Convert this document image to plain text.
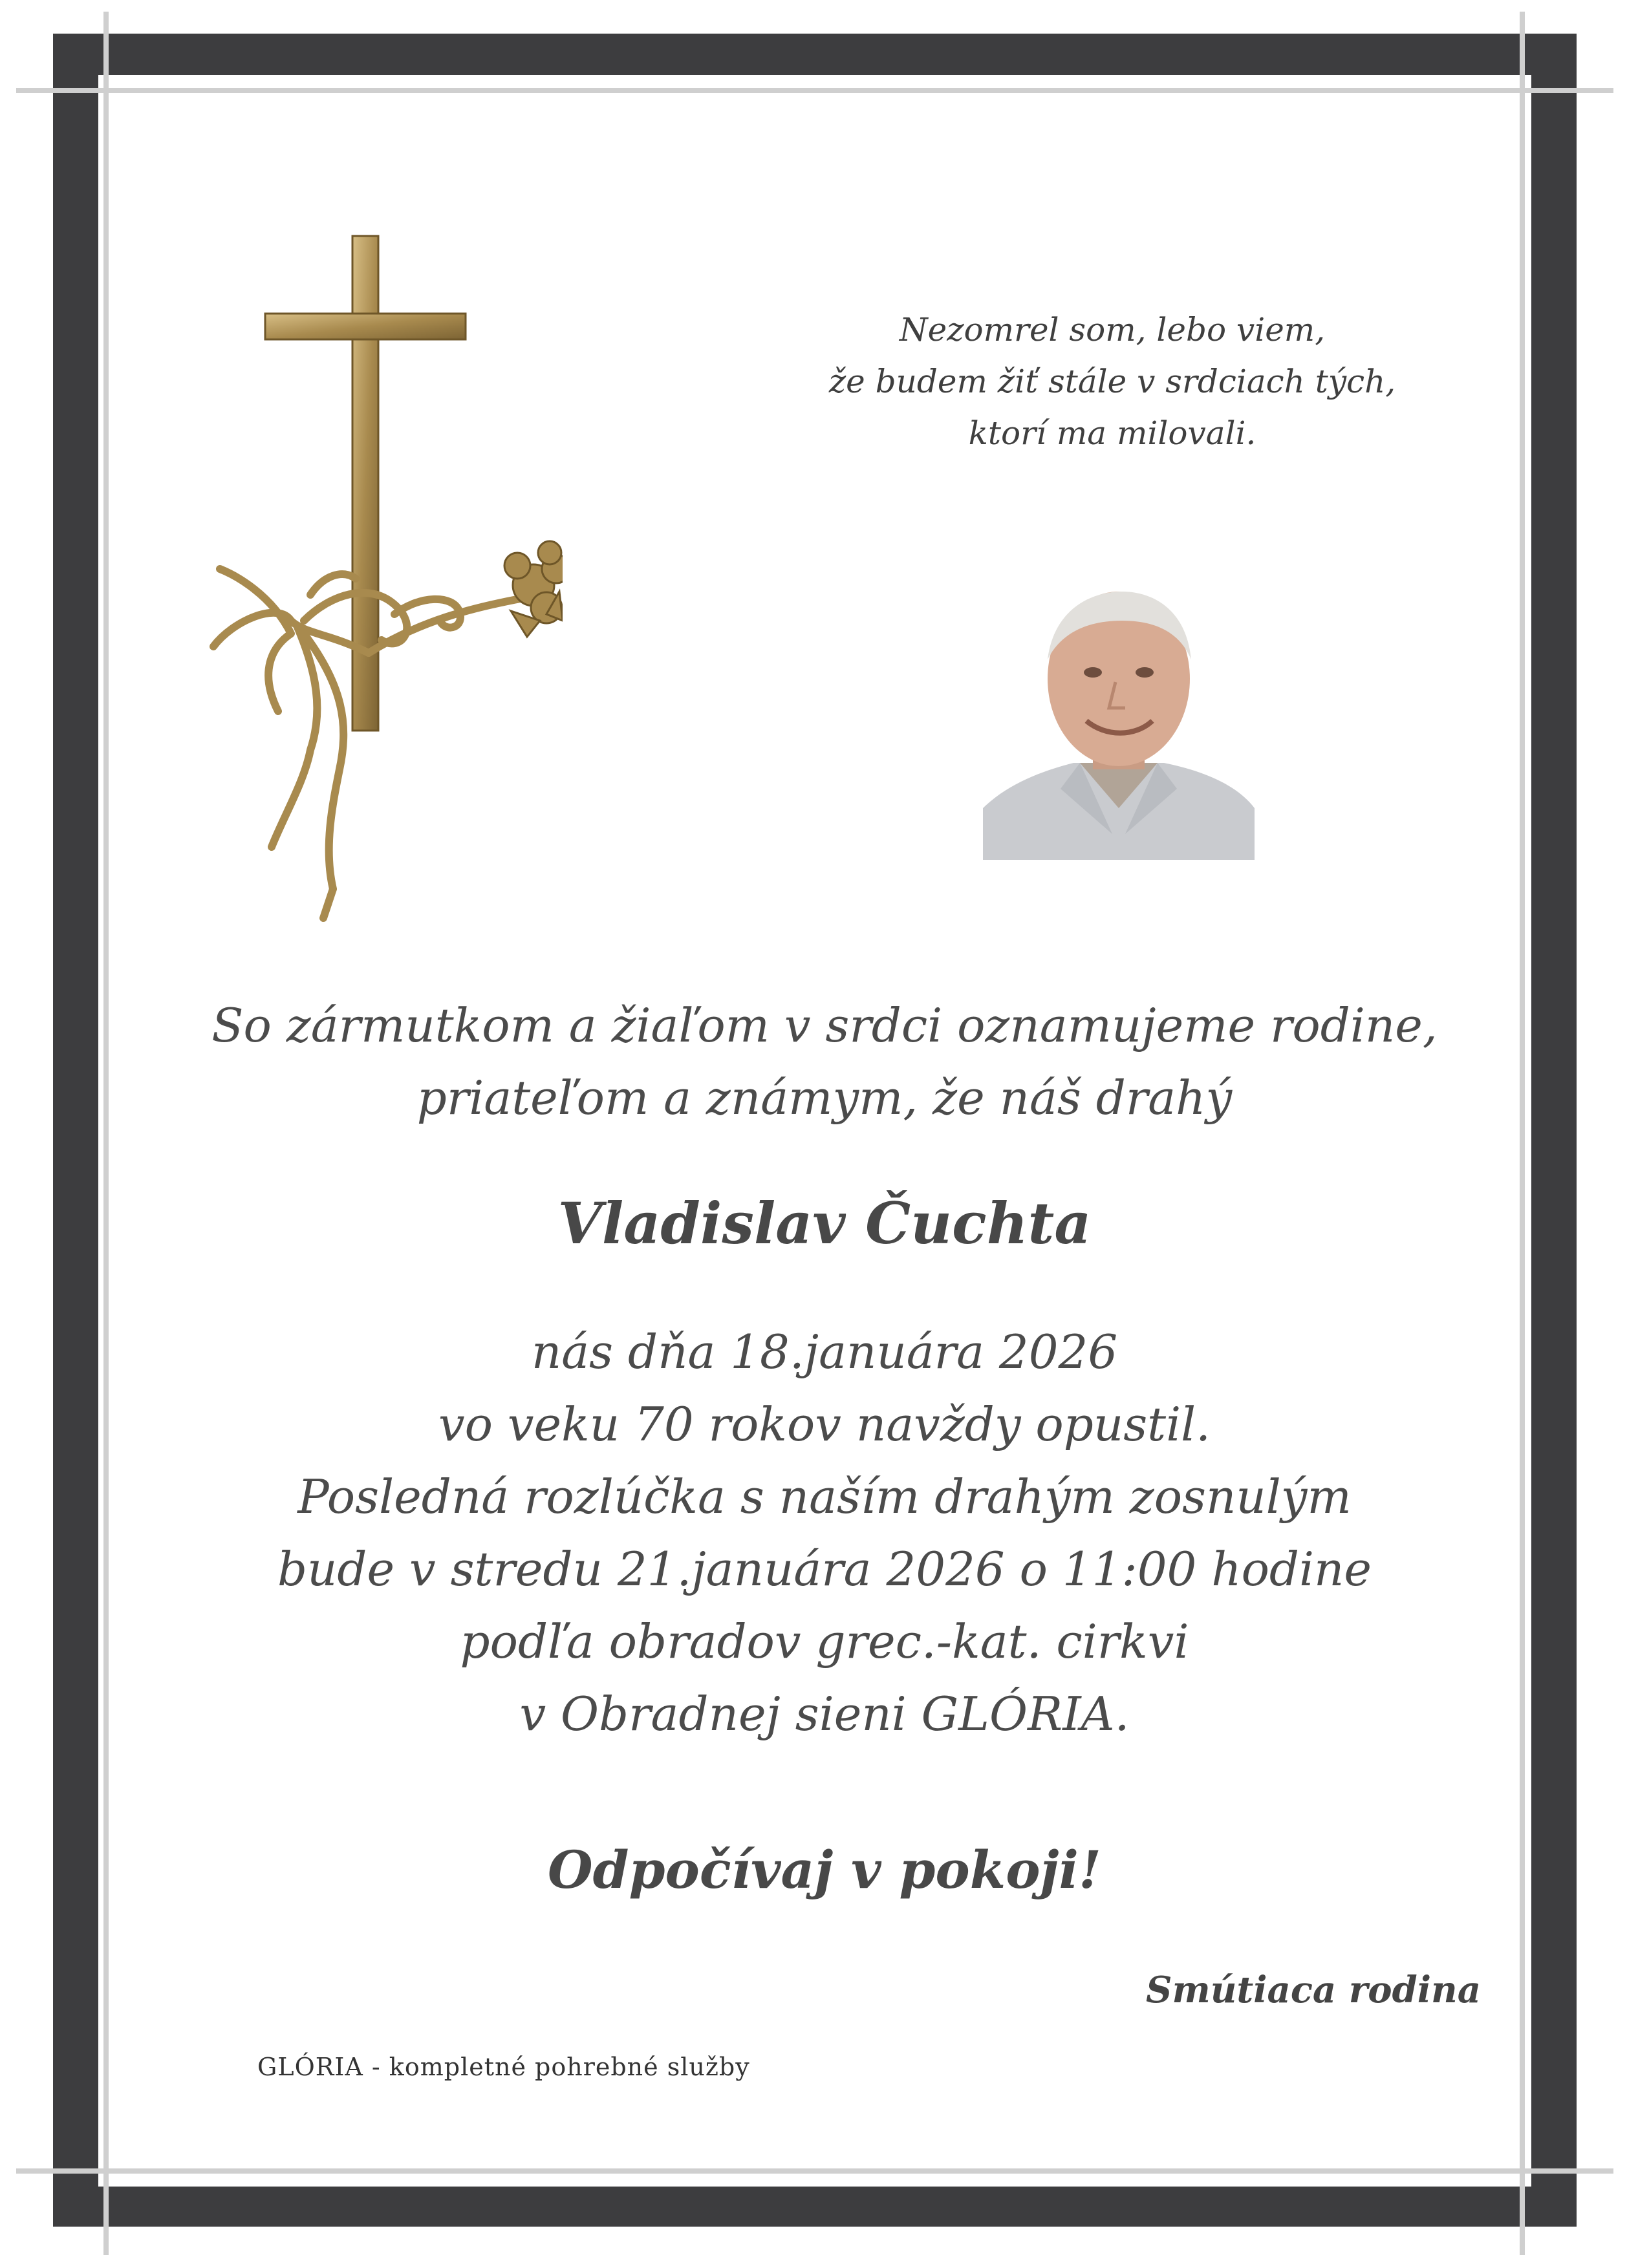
Nezomrel som, lebo viem,
že budem žiť stále v srdciach tých,
ktorí ma milovali.
So zármutkom a žiaľom v srdci oznamujeme rodine,
priateľom a známym, že náš drahý
Vladislav Čuchta
nás dňa 18.januára 2026
vo veku 70 rokov navždy opustil.
Posledná rozlúčka s naším drahým zosnulým
bude v stredu 21.januára 2026 o 11:00 hodine
podľa obradov grec.-kat. cirkvi
v Obradnej sieni GLÓRIA.
Odpočívaj v pokoji!
Smútiaca rodina
GLÓRIA - kompletné pohrebné služby
